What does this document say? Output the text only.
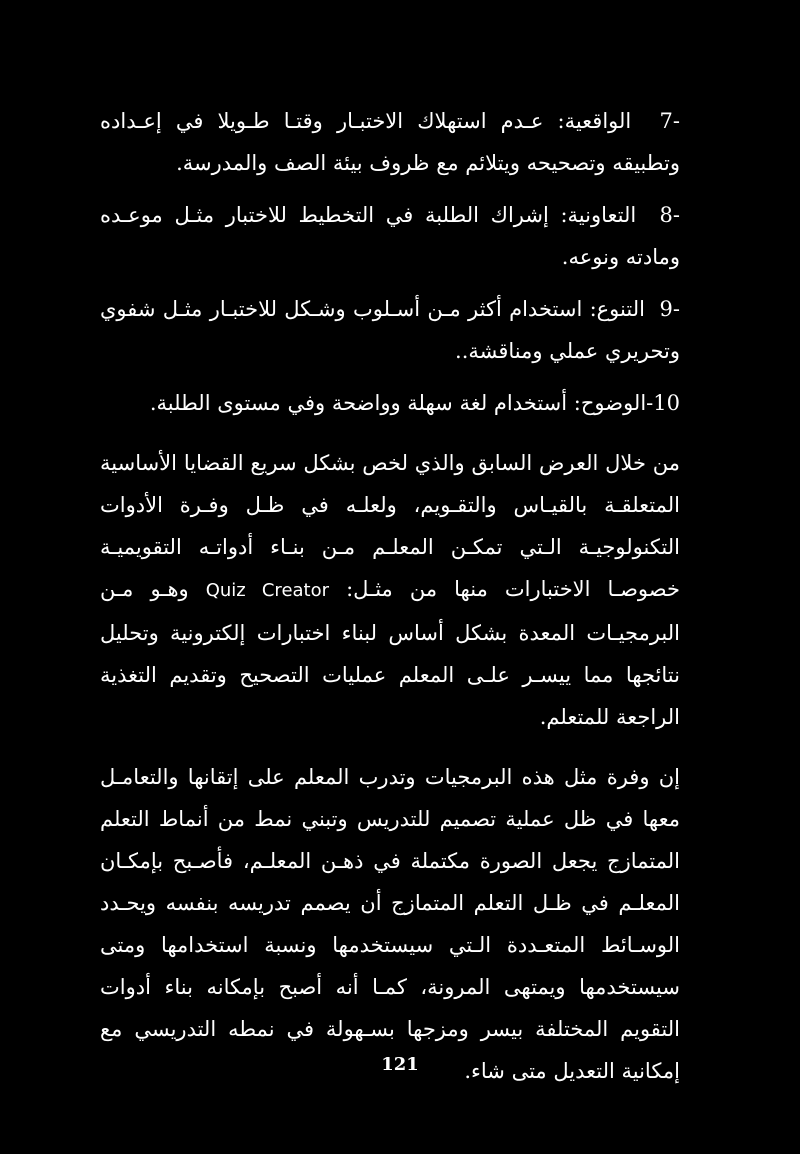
-7  الواقعية: عـدم استهلاك الاختبـار وقتـا طـويلا في إعـداده وتطبيقه وتصحيحه ويتلائم مع ظروف بيئة الصف والمدرسة.

-8  التعاونية: إشراك الطلبة في التخطيط للاختبار مثـل موعـده ومادته ونوعه.

-9  التنوع: استخدام أكثر مـن أسـلوب وشـكل للاختبـار مثـل شفوي وتحريري عملي ومناقشة..

10-الوضوح: أستخدام لغة سهلة وواضحة وفي مستوى الطلبة.

من خلال العرض السابق والذي لخص بشكل سريع القضايا الأساسية المتعلقـة بالقيـاس والتقـويم، ولعلـه في ظـل وفـرة الأدوات التكنولوجيـة الـتي تمكـن المعلـم مـن بنـاء أدواتـه التقويميـة خصوصـا الاختبارات منها من مثـل: Quiz Creator وهـو مـن البرمجيـات المعدة بشكل أساس لبناء اختبارات إلكترونية وتحليل نتائجها مما ييسـر علـى المعلم عمليات التصحيح وتقديم التغذية الراجعة للمتعلم.

إن وفرة مثل هذه البرمجيات وتدرب المعلم على إتقانها والتعامـل معها في ظل عملية تصميم للتدريس وتبني نمط من أنماط التعلم المتمازج يجعل الصورة مكتملة في ذهـن المعلـم، فأصـبح بإمكـان المعلـم في ظـل التعلم المتمازج أن يصمم تدريسه بنفسه ويحـدد الوسـائط المتعـددة الـتي سيستخدمها ونسبة استخدامها ومتى سيستخدمها ويمتهى المرونة، كمـا أنه أصبح بإمكانه بناء أدوات التقويم المختلفة بيسر ومزجها بسـهولة في نمطه التدريسي مع إمكانية التعديل متى شاء.

121
